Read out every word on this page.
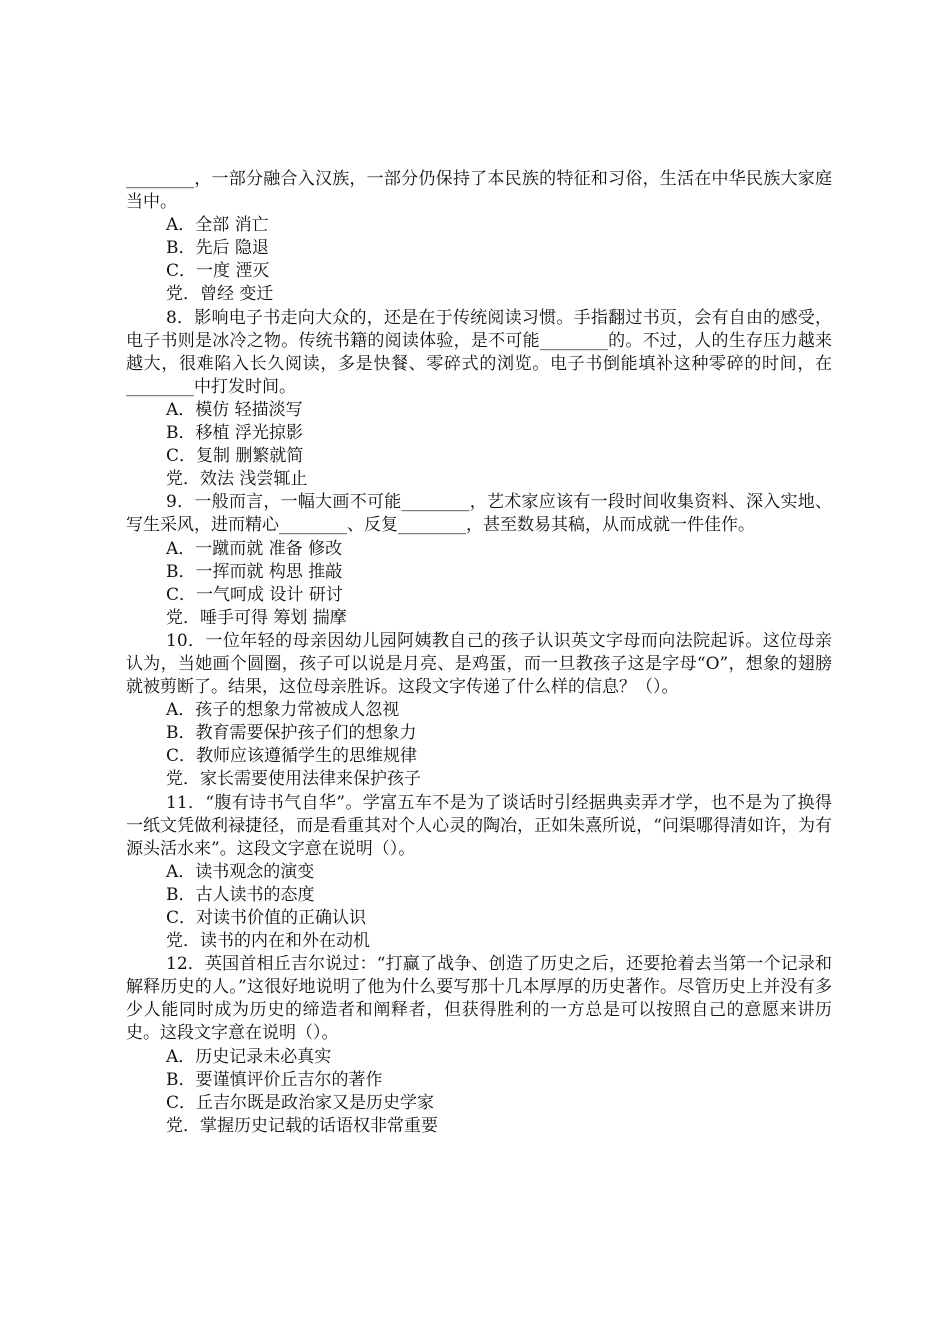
________，一部分融合入汉族，一部分仍保持了本民族的特征和习俗，生活在中华民族大家庭当中。

A．全部 消亡

B．先后 隐退

C．一度 湮灭

党．曾经 变迁

8．影响电子书走向大众的，还是在于传统阅读习惯。手指翻过书页，会有自由的感受，电子书则是冰冷之物。传统书籍的阅读体验，是不可能________的。不过，人的生存压力越来越大，很难陷入长久阅读，多是快餐、零碎式的浏览。电子书倒能填补这种零碎的时间，在________中打发时间。

A．模仿 轻描淡写

B．移植 浮光掠影

C．复制 删繁就简

党．效法 浅尝辄止

9．一般而言，一幅大画不可能________，艺术家应该有一段时间收集资料、深入实地、写生采风，进而精心________、反复________，甚至数易其稿，从而成就一件佳作。

A．一蹴而就 准备 修改

B．一挥而就 构思 推敲

C．一气呵成 设计 研讨

党．唾手可得 筹划 揣摩

10．一位年轻的母亲因幼儿园阿姨教自己的孩子认识英文字母而向法院起诉。这位母亲认为，当她画个圆圈，孩子可以说是月亮、是鸡蛋，而一旦教孩子这是字母“O”，想象的翅膀就被剪断了。结果，这位母亲胜诉。这段文字传递了什么样的信息？（）。

A．孩子的想象力常被成人忽视

B．教育需要保护孩子们的想象力

C．教师应该遵循学生的思维规律

党．家长需要使用法律来保护孩子

11．“腹有诗书气自华”。学富五车不是为了谈话时引经据典卖弄才学，也不是为了换得一纸文凭做利禄捷径，而是看重其对个人心灵的陶冶，正如朱熹所说，“问渠哪得清如许，为有源头活水来”。这段文字意在说明（）。

A．读书观念的演变

B．古人读书的态度

C．对读书价值的正确认识

党．读书的内在和外在动机

12．英国首相丘吉尔说过：“打赢了战争、创造了历史之后，还要抢着去当第一个记录和解释历史的人。”这很好地说明了他为什么要写那十几本厚厚的历史著作。尽管历史上并没有多少人能同时成为历史的缔造者和阐释者，但获得胜利的一方总是可以按照自己的意愿来讲历史。这段文字意在说明（）。

A．历史记录未必真实

B．要谨慎评价丘吉尔的著作

C．丘吉尔既是政治家又是历史学家

党．掌握历史记载的话语权非常重要
